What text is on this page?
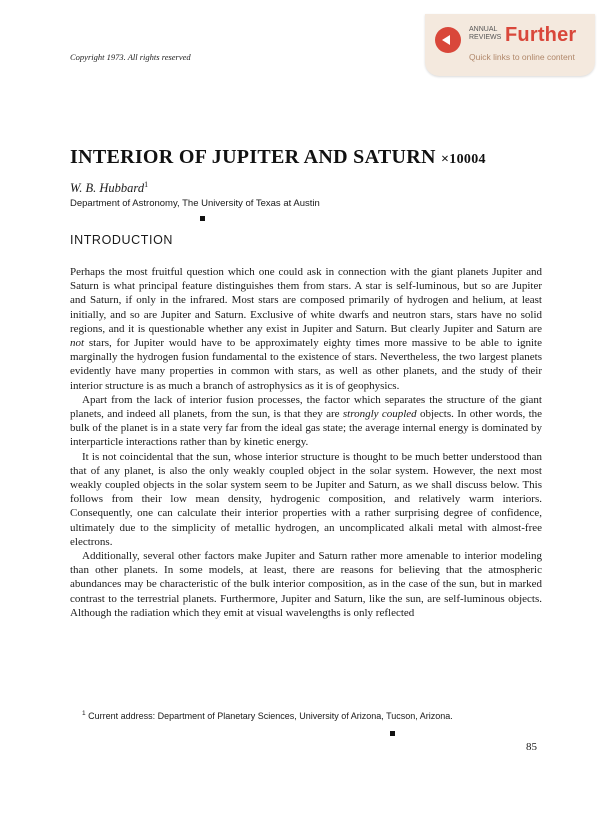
Copyright 1973. All rights reserved
ANNUAL
REVIEWS Further
Quick links to online content
INTERIOR OF JUPITER AND SATURN ×10004
W. B. Hubbard$^1$
Department of Astronomy, The University of Texas at Austin
INTRODUCTION

Perhaps the most fruitful question which one could ask in connection with the giant planets Jupiter and Saturn is what principal feature distinguishes them from stars. A star is self-luminous, but so are Jupiter and Saturn, if only in the infrared. Most stars are composed primarily of hydrogen and helium, at least initially, and so are Jupiter and Saturn. Exclusive of white dwarfs and neutron stars, stars have no solid regions, and it is questionable whether any exist in Jupiter and Saturn. But clearly Jupiter and Saturn are not stars, for Jupiter would have to be approximately eighty times more massive to be able to ignite marginally the hydrogen fusion fundamental to the existence of stars. Nevertheless, the two largest planets evidently have many properties in common with stars, as well as other planets, and the study of their interior structure is as much a branch of astrophysics as it is of geophysics.

Apart from the lack of interior fusion processes, the factor which separates the structure of the giant planets, and indeed all planets, from the sun, is that they are strongly coupled objects. In other words, the bulk of the planet is in a state very far from the ideal gas state; the average internal energy is dominated by interparticle interactions rather than by kinetic energy.

It is not coincidental that the sun, whose interior structure is thought to be much better understood than that of any planet, is also the only weakly coupled object in the solar system. However, the next most weakly coupled objects in the solar system seem to be Jupiter and Saturn, as we shall discuss below. This follows from their low mean density, hydrogenic composition, and relatively warm interiors. Consequently, one can calculate their interior properties with a rather surprising degree of confidence, ultimately due to the simplicity of metallic hydrogen, an uncomplicated alkali metal with almost-free electrons.

Additionally, several other factors make Jupiter and Saturn rather more amenable to interior modeling than other planets. In some models, at least, there are reasons for believing that the atmospheric abundances may be characteristic of the bulk interior composition, as in the case of the sun, but in marked contrast to the terrestrial planets. Furthermore, Jupiter and Saturn, like the sun, are self-luminous objects. Although the radiation which they emit at visual wavelengths is only reflected

$^1$ Current address: Department of Planetary Sciences, University of Arizona, Tucson, Arizona.
85
